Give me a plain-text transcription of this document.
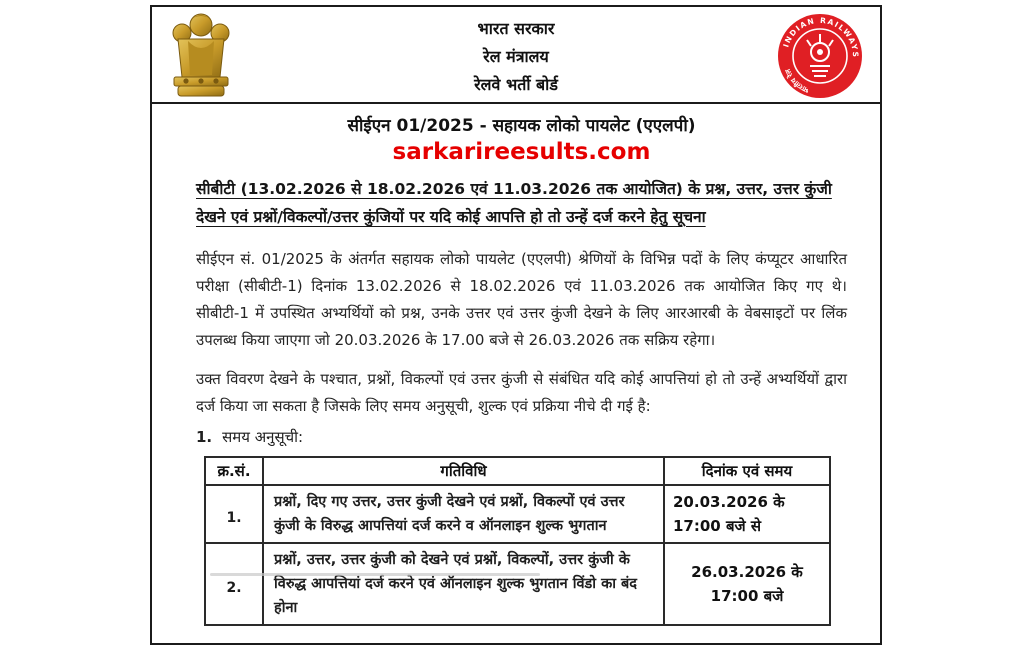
भारत सरकार
रेल मंत्रालय
रेलवे भर्ती बोर्ड
INDIAN RAILWAYS
भारतीय रेल
सीईएन 01/2025 - सहायक लोको पायलेट (एएलपी)
sarkarireesults.com
सीबीटी (13.02.2026 से 18.02.2026 एवं 11.03.2026 तक आयोजित) के प्रश्न, उत्तर, उत्तर कुंजी
देखने एवं प्रश्नों/विकल्पों/उत्तर कुंजियों पर यदि कोई आपत्ति हो तो उन्हें दर्ज करने हेतु सूचना
सीईएन सं. 01/2025 के अंतर्गत सहायक लोको पायलेट (एएलपी) श्रेणियों के विभिन्न पदों के लिए कंप्यूटर आधारित परीक्षा (सीबीटी-1) दिनांक 13.02.2026 से 18.02.2026 एवं 11.03.2026 तक आयोजित किए गए थे। सीबीटी-1 में उपस्थित अभ्यर्थियों को प्रश्न, उनके उत्तर एवं उत्तर कुंजी देखने के लिए आरआरबी के वेबसाइटों पर लिंक उपलब्ध किया जाएगा जो 20.03.2026 के 17.00 बजे से 26.03.2026 तक सक्रिय रहेगा।
उक्त विवरण देखने के पश्चात, प्रश्नों, विकल्पों एवं उत्तर कुंजी से संबंधित यदि कोई आपत्तियां हो तो उन्हें अभ्यर्थियों द्वारा दर्ज किया जा सकता है जिसके लिए समय अनुसूची, शुल्क एवं प्रक्रिया नीचे दी गई है:
1. समय अनुसूची:
क्र.सं.	गतिविधि	दिनांक एवं समय
1.	प्रश्नों, दिए गए उत्तर, उत्तर कुंजी देखने एवं प्रश्नों, विकल्पों एवं उत्तर कुंजी के विरुद्ध आपत्तियां दर्ज करने व ऑनलाइन शुल्क भुगतान	20.03.2026 के 17:00 बजे से
2.	प्रश्नों, उत्तर, उत्तर कुंजी को देखने एवं प्रश्नों, विकल्पों, उत्तर कुंजी के विरुद्ध आपत्तियां दर्ज करने एवं ऑनलाइन शुल्क भुगतान विंडो का बंद होना	26.03.2026 के 17:00 बजे
